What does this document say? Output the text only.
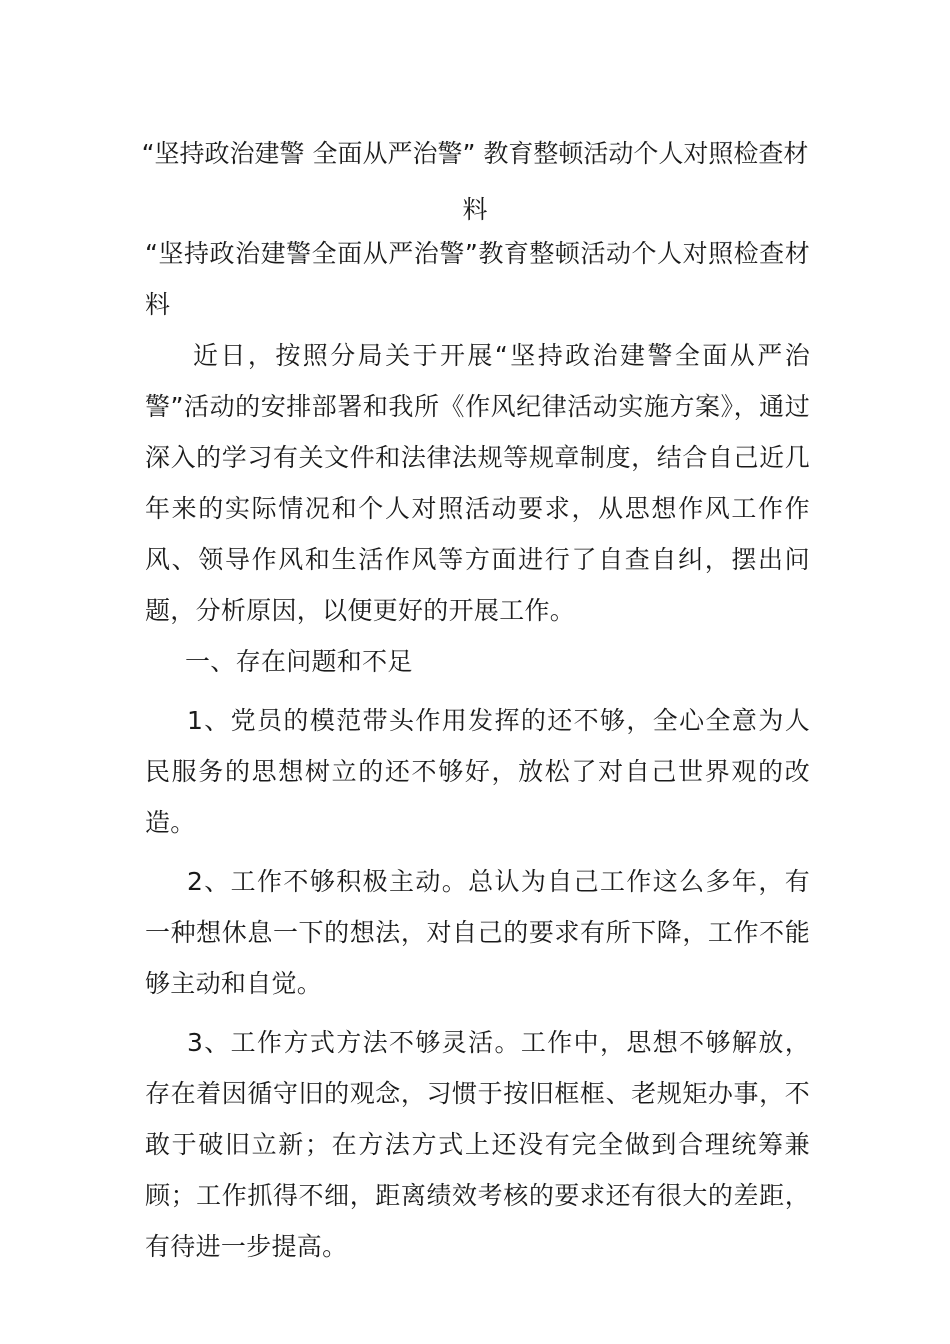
“坚持政治建警 全面从严治警” 教育整顿活动个人对照检查材料

“坚持政治建警全面从严治警”教育整顿活动个人对照检查材料

近日，按照分局关于开展“坚持政治建警全面从严治警”活动的安排部署和我所《作风纪律活动实施方案》，通过深入的学习有关文件和法律法规等规章制度，结合自己近几年来的实际情况和个人对照活动要求，从思想作风工作作风、领导作风和生活作风等方面进行了自查自纠，摆出问题，分析原因，以便更好的开展工作。

一、存在问题和不足

1、党员的模范带头作用发挥的还不够，全心全意为人民服务的思想树立的还不够好，放松了对自己世界观的改造。

2、工作不够积极主动。总认为自己工作这么多年，有一种想休息一下的想法，对自己的要求有所下降，工作不能够主动和自觉。

3、工作方式方法不够灵活。工作中，思想不够解放，存在着因循守旧的观念，习惯于按旧框框、老规矩办事，不敢于破旧立新；在方法方式上还没有完全做到合理统筹兼顾；工作抓得不细，距离绩效考核的要求还有很大的差距，有待进一步提高。
